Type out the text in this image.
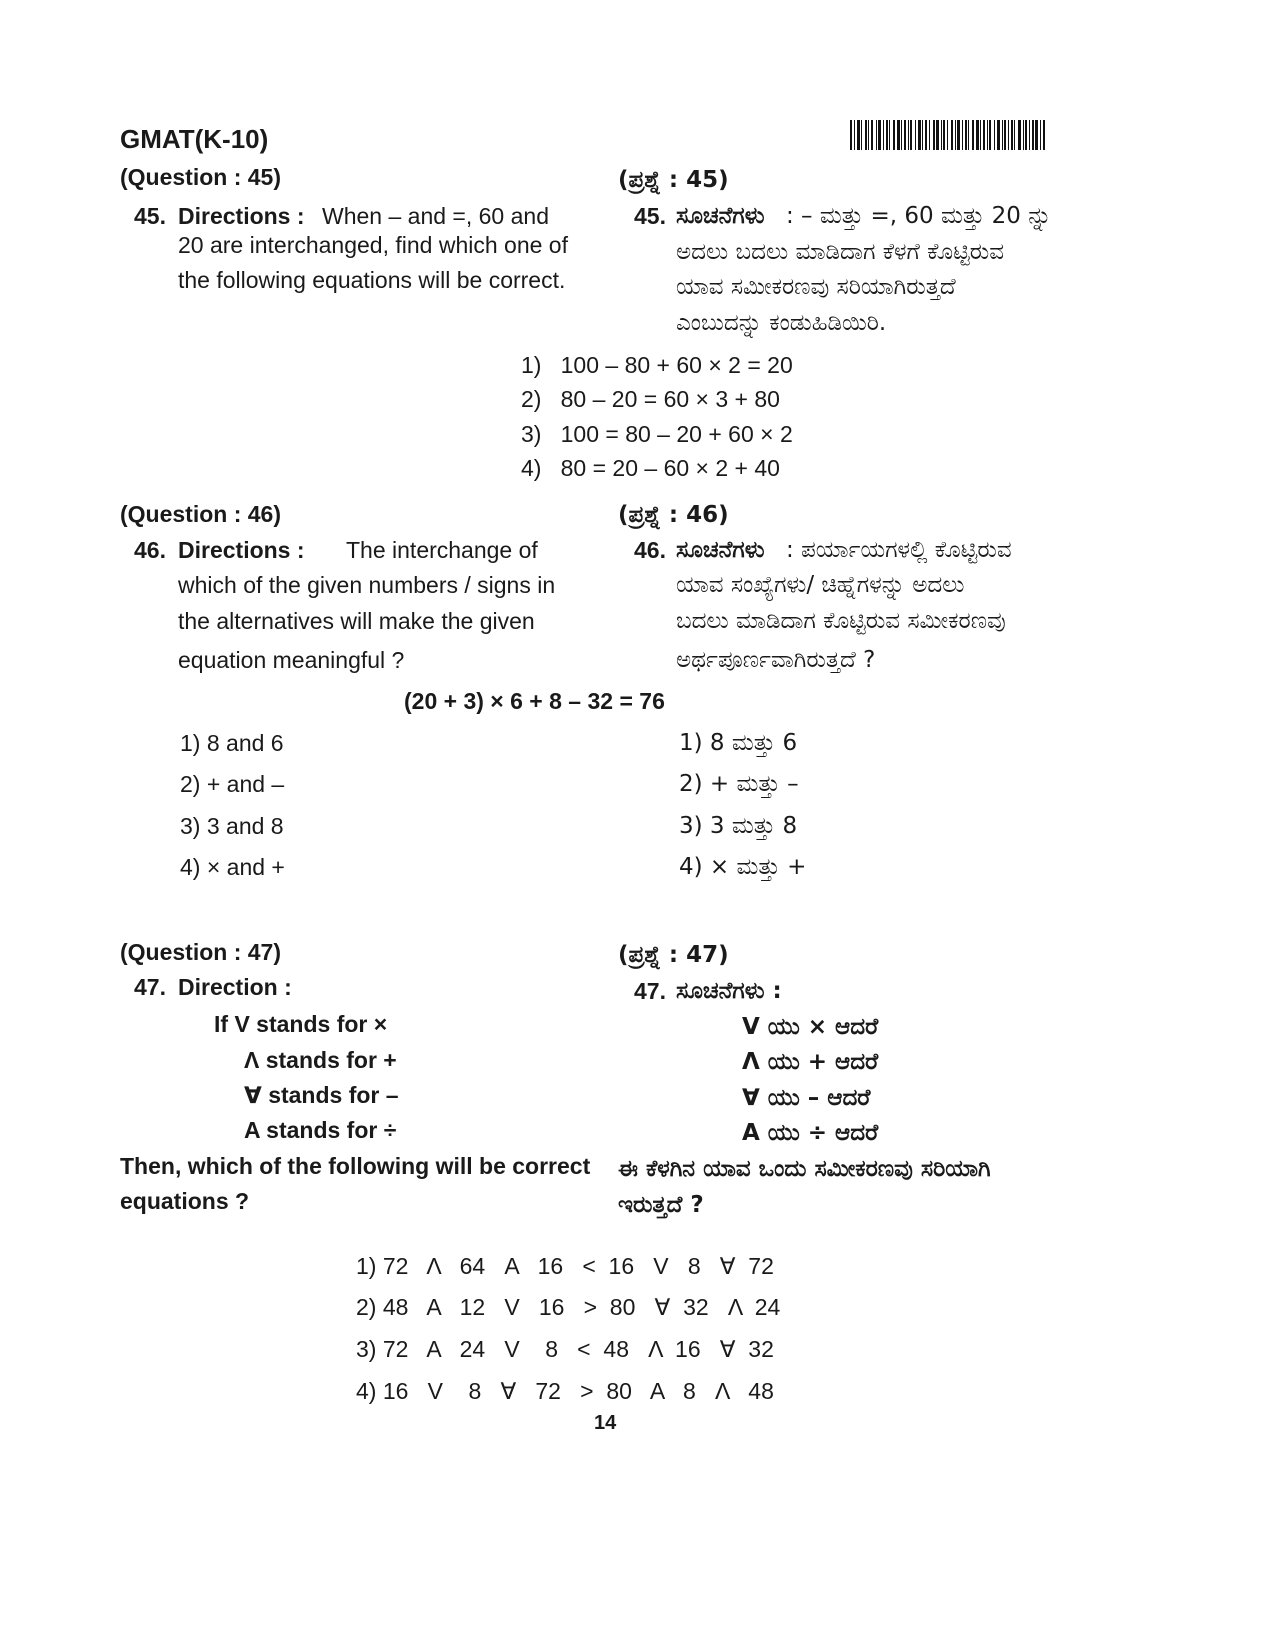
GMAT(K-10)
(Question : 45)	(ಪ್ರಶ್ನೆ : 45)
45. Directions : When – and =, 60 and
20 are interchanged, find which one of
the following equations will be correct.
45. ಸೂಚನೆಗಳು : – ಮತ್ತು =, 60 ಮತ್ತು 20 ನ್ನು
ಅದಲು ಬದಲು ಮಾಡಿದಾಗ ಕೆಳಗೆ ಕೊಟ್ಟಿರುವ
ಯಾವ ಸಮೀಕರಣವು ಸರಿಯಾಗಿರುತ್ತದೆ
ಎಂಬುದನ್ನು ಕಂಡುಹಿಡಿಯಿರಿ.
1) 100 – 80 + 60 × 2 = 20
2) 80 – 20 = 60 × 3 + 80
3) 100 = 80 – 20 + 60 × 2
4) 80 = 20 – 60 × 2 + 40
(Question : 46)	(ಪ್ರಶ್ನೆ : 46)
46. Directions : The interchange of
which of the given numbers / signs in
the alternatives will make the given
equation meaningful ?
46. ಸೂಚನೆಗಳು : ಪರ್ಯಾಯಗಳಲ್ಲಿ ಕೊಟ್ಟಿರುವ
ಯಾವ ಸಂಖ್ಯೆಗಳು/ ಚಿಹ್ನೆಗಳನ್ನು ಅದಲು
ಬದಲು ಮಾಡಿದಾಗ ಕೊಟ್ಟಿರುವ ಸಮೀಕರಣವು
ಅರ್ಥಪೂರ್ಣವಾಗಿರುತ್ತದೆ ?
(20 + 3) × 6 + 8 – 32 = 76
1) 8 and 6
2) + and –
3) 3 and 8
4) × and +
1) 8 ಮತ್ತು 6
2) + ಮತ್ತು –
3) 3 ಮತ್ತು 8
4) × ಮತ್ತು +
(Question : 47)	(ಪ್ರಶ್ನೆ : 47)
47. Direction :	47. ಸೂಚನೆಗಳು :
If V stands for ×
Λ stands for +
∀ stands for –
A stands for ÷
V ಯು × ಆದರೆ
Λ ಯು + ಆದರೆ
∀ ಯು – ಆದರೆ
A ಯು ÷ ಆದರೆ
Then, which of the following will be correct
equations ?
ಈ ಕೆಳಗಿನ ಯಾವ ಒಂದು ಸಮೀಕರಣವು ಸರಿಯಾಗಿ
ಇರುತ್ತದೆ ?
1) 72   Λ   64   A   16   <  16   V   8   ∀  72
2) 48   A   12   V   16   >  80   ∀  32   Λ  24
3) 72   A   24   V    8   <  48   Λ  16   ∀  32
4) 16   V    8   ∀   72   >  80   A   8   Λ   48
14
